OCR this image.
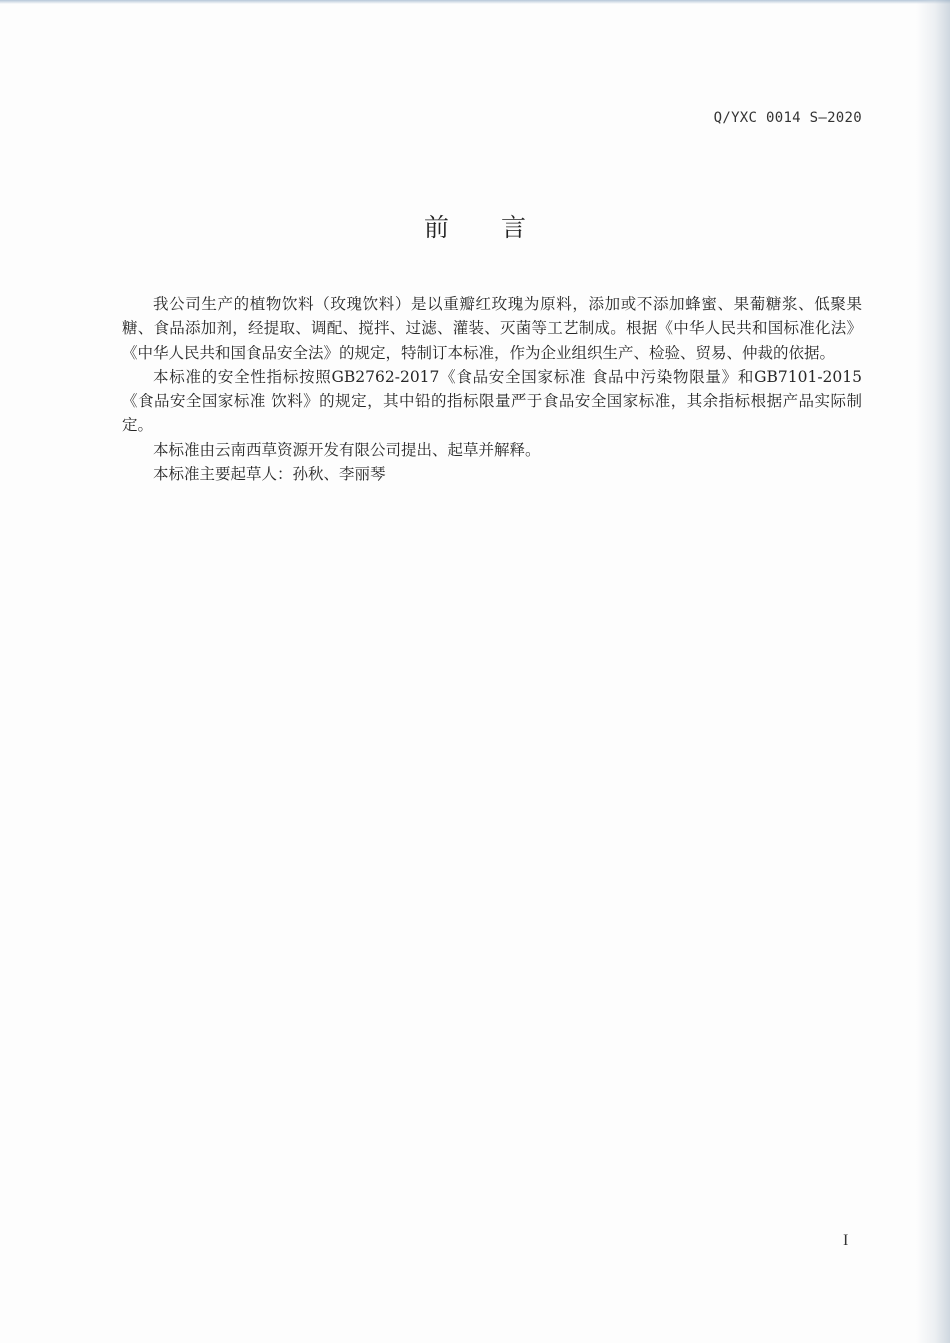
Q/YXC 0014 S—2020
前 言

我公司生产的植物饮料（玫瑰饮料）是以重瓣红玫瑰为原料，添加或不添加蜂蜜、果葡糖浆、低聚果糖、食品添加剂，经提取、调配、搅拌、过滤、灌装、灭菌等工艺制成。根据《中华人民共和国标准化法》《中华人民共和国食品安全法》的规定，特制订本标准，作为企业组织生产、检验、贸易、仲裁的依据。

本标准的安全性指标按照GB2762-2017《食品安全国家标准 食品中污染物限量》和GB7101-2015《食品安全国家标准 饮料》的规定，其中铅的指标限量严于食品安全国家标准，其余指标根据产品实际制定。

本标准由云南西草资源开发有限公司提出、起草并解释。

本标准主要起草人：孙秋、李丽琴

I
